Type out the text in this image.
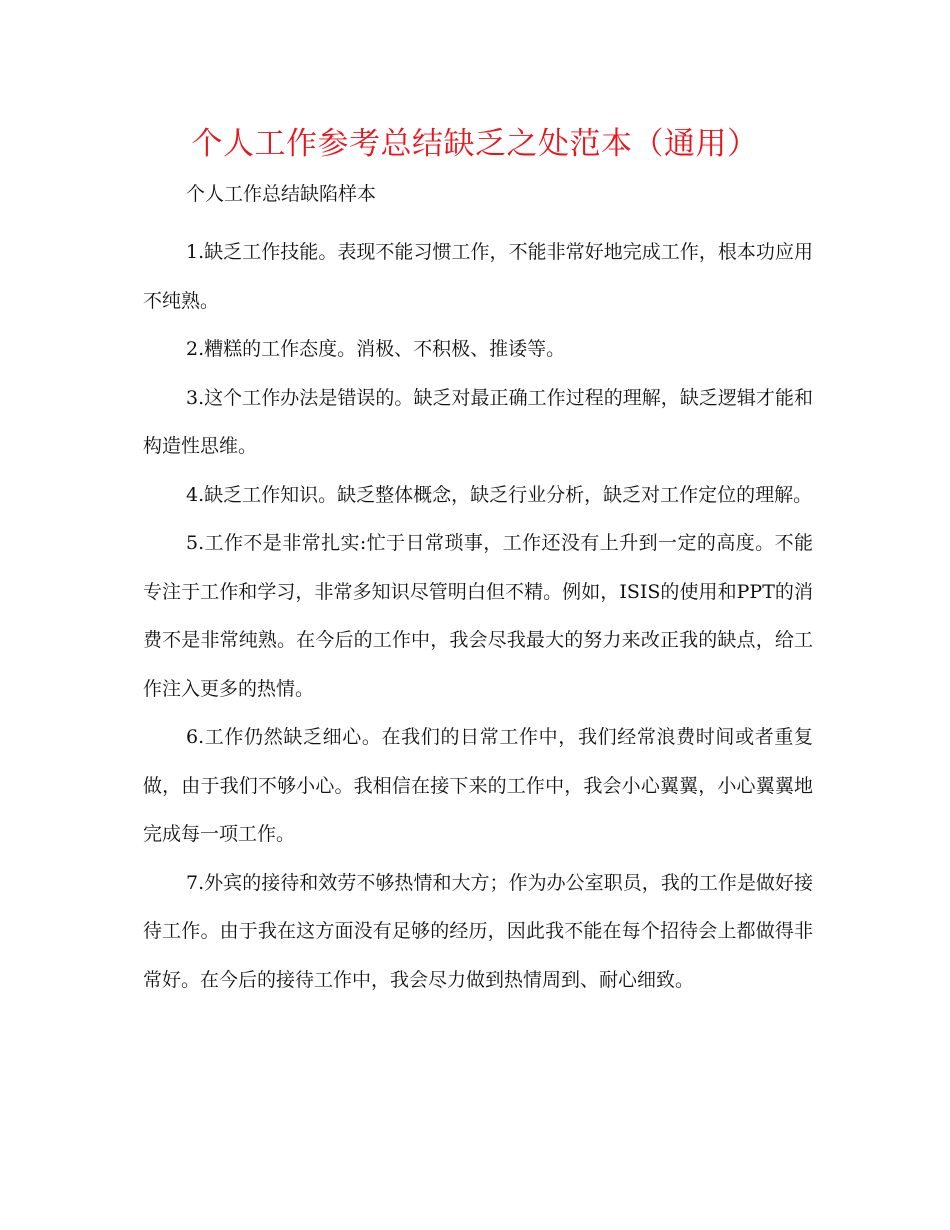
个人工作参考总结缺乏之处范本（通用）

个人工作总结缺陷样本

1.缺乏工作技能。表现不能习惯工作，不能非常好地完成工作，根本功应用不纯熟。

2.糟糕的工作态度。消极、不积极、推诿等。

3.这个工作办法是错误的。缺乏对最正确工作过程的理解，缺乏逻辑才能和构造性思维。

4.缺乏工作知识。缺乏整体概念，缺乏行业分析，缺乏对工作定位的理解。

5.工作不是非常扎实:忙于日常琐事，工作还没有上升到一定的高度。不能专注于工作和学习，非常多知识尽管明白但不精。例如，ISIS的使用和PPT的消费不是非常纯熟。在今后的工作中，我会尽我最大的努力来改正我的缺点，给工作注入更多的热情。

6.工作仍然缺乏细心。在我们的日常工作中，我们经常浪费时间或者重复做，由于我们不够小心。我相信在接下来的工作中，我会小心翼翼，小心翼翼地完成每一项工作。

7.外宾的接待和效劳不够热情和大方；作为办公室职员，我的工作是做好接待工作。由于我在这方面没有足够的经历，因此我不能在每个招待会上都做得非常好。在今后的接待工作中，我会尽力做到热情周到、耐心细致。
